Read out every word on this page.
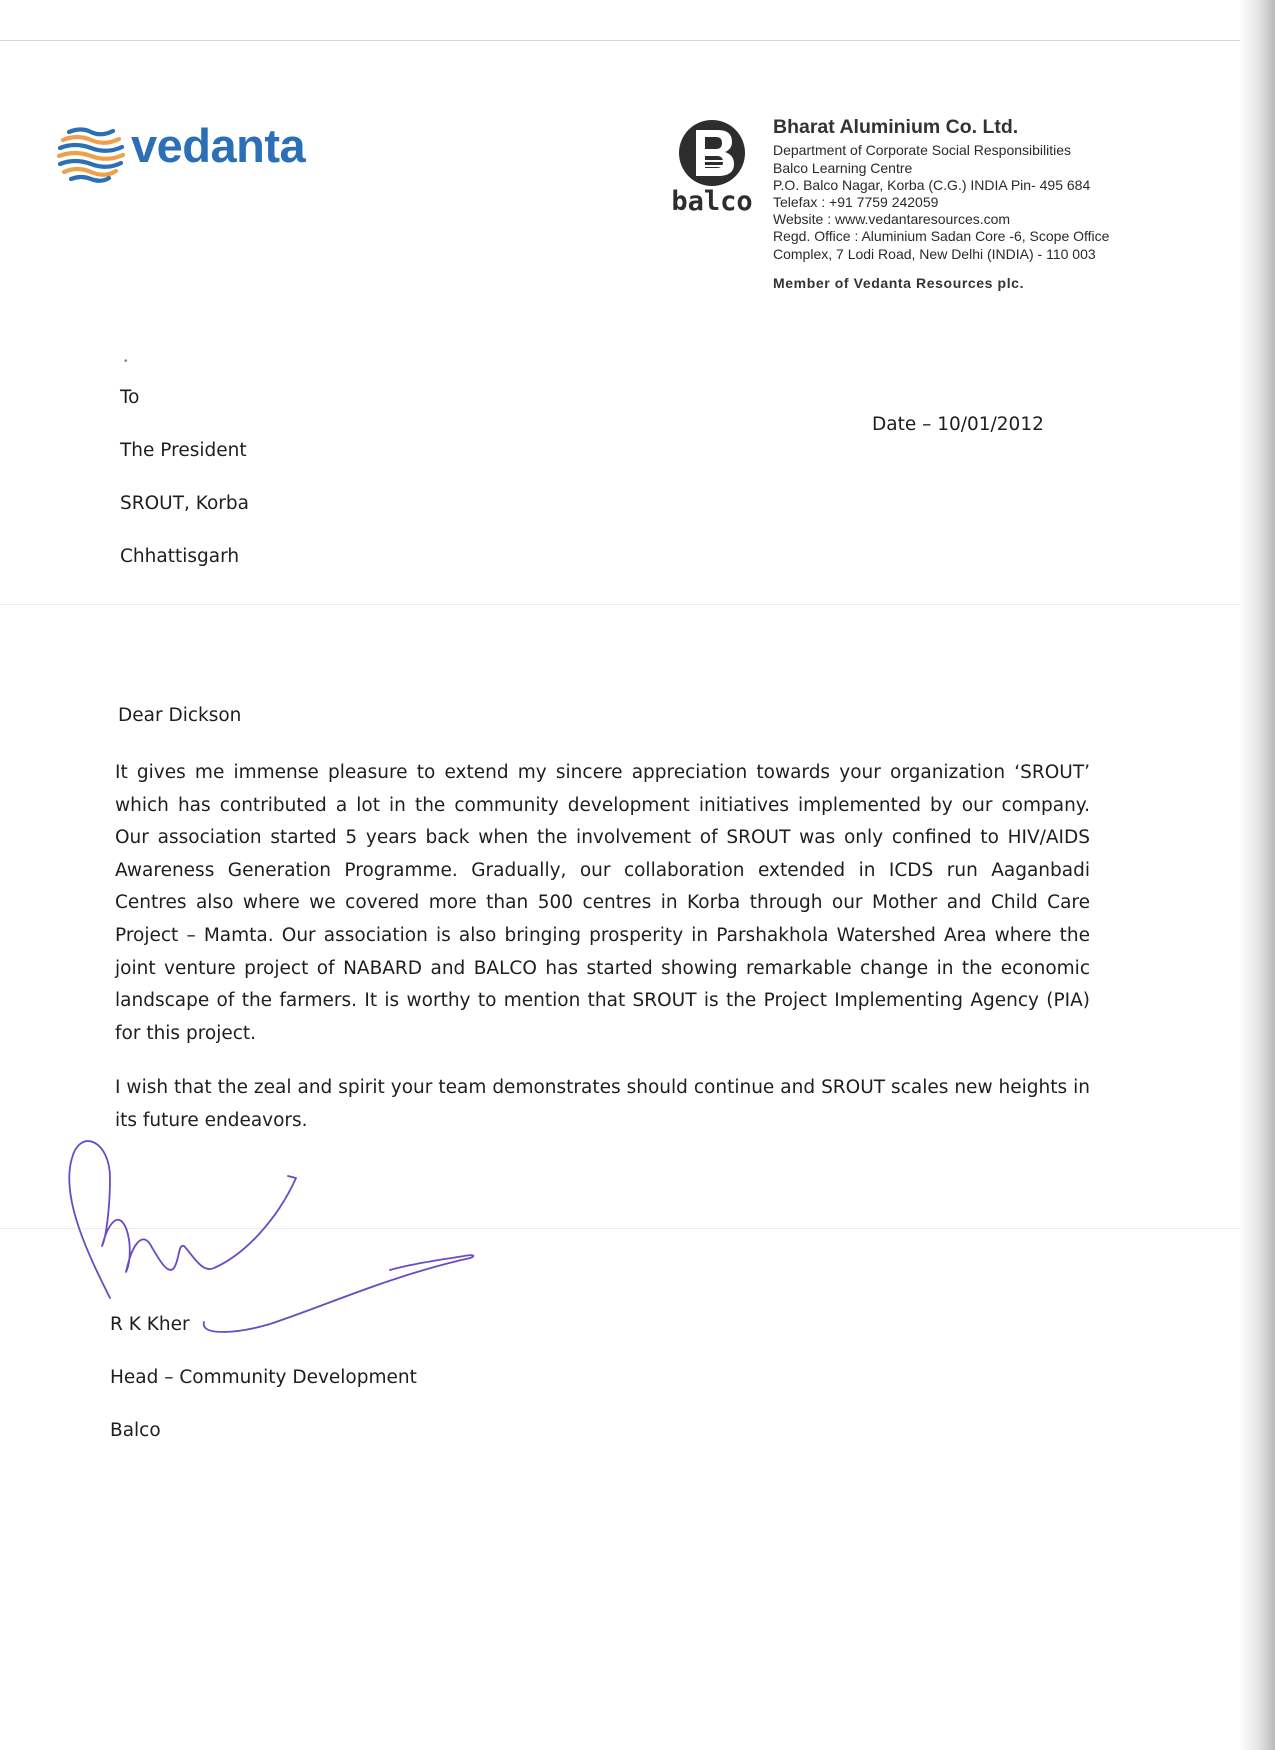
vedanta
balco

Bharat Aluminium Co. Ltd.

Department of Corporate Social Responsibilities

Balco Learning Centre

P.O. Balco Nagar, Korba (C.G.) INDIA Pin- 495 684

Telefax : +91 7759 242059

Website : www.vedantaresources.com

Regd. Office : Aluminium Sadan Core -6, Scope Office

Complex, 7 Lodi Road, New Delhi (INDIA) - 110 003

Member of Vedanta Resources plc.

•

To

The President

SROUT, Korba

Chhattisgarh

Date – 10/01/2012

Dear Dickson

It gives me immense pleasure to extend my sincere appreciation towards your organization ‘SROUT’
which has contributed a lot in the community development initiatives implemented by our company.
Our association started 5 years back when the involvement of SROUT was only confined to HIV/AIDS
Awareness Generation Programme. Gradually, our collaboration extended in ICDS run Aaganbadi
Centres also where we covered more than 500 centres in Korba through our Mother and Child Care
Project – Mamta. Our association is also bringing prosperity in Parshakhola Watershed Area where the
joint venture project of NABARD and BALCO has started showing remarkable change in the economic
landscape of the farmers. It is worthy to mention that SROUT is the Project Implementing Agency (PIA)
for this project.
I wish that the zeal and spirit your team demonstrates should continue and SROUT scales new heights in
its future endeavors.

R K Kher

Head – Community Development

Balco
